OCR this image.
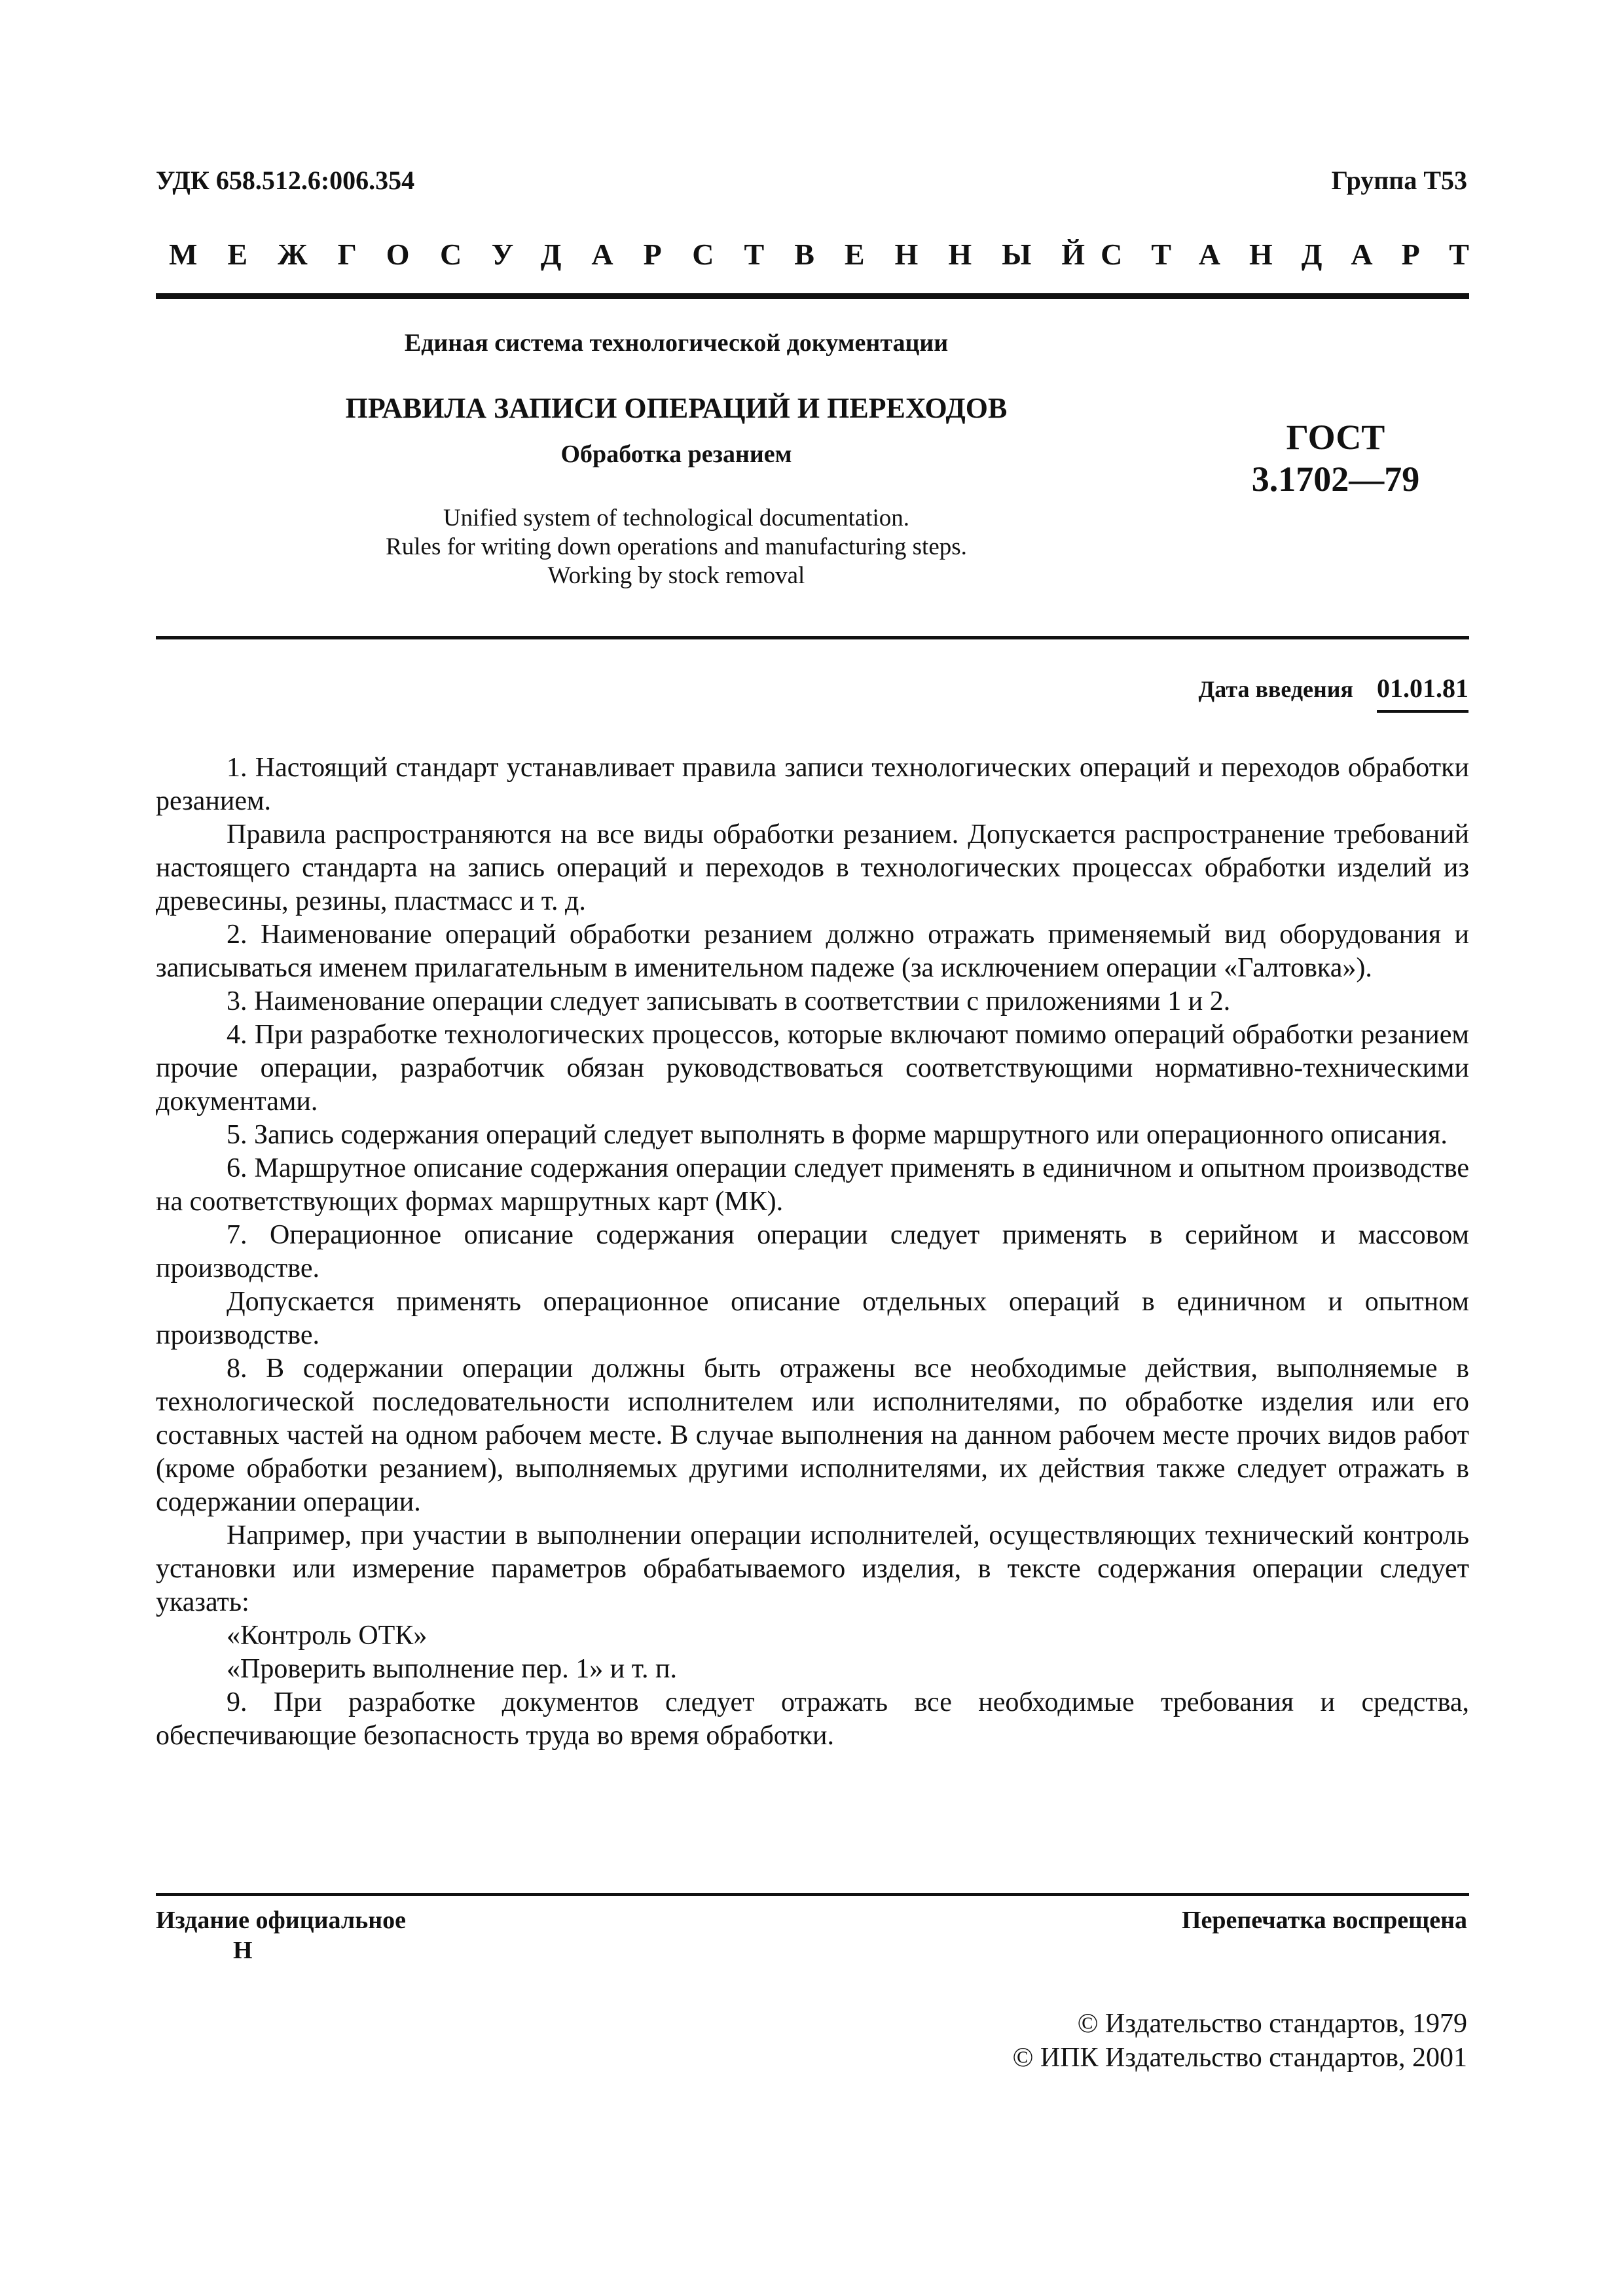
УДК 658.512.6:006.354	Группа Т53
МЕЖГОСУДАРСТВЕННЫЙ
СТАНДАРТ
Единая система технологической документации
ПРАВИЛА ЗАПИСИ ОПЕРАЦИЙ И ПЕРЕХОДОВ
Обработка резанием	ГОСТ
3.1702—79
Unified system of technological documentation.
Rules for writing down operations and manufacturing steps.
Working by stock removal
Дата введения 01.01.81

1. Настоящий стандарт устанавливает правила записи технологических операций и переходов обработки резанием.

Правила распространяются на все виды обработки резанием. Допускается распространение требований настоящего стандарта на запись операций и переходов в технологических процессах обработки изделий из древесины, резины, пластмасс и т. д.

2. Наименование операций обработки резанием должно отражать применяемый вид оборудования и записываться именем прилагательным в именительном падеже (за исключением операции «Галтовка»).

3. Наименование операции следует записывать в соответствии с приложениями 1 и 2.

4. При разработке технологических процессов, которые включают помимо операций обработки резанием прочие операции, разработчик обязан руководствоваться соответствующими нормативно-техническими документами.

5. Запись содержания операций следует выполнять в форме маршрутного или операционного описания.

6. Маршрутное описание содержания операции следует применять в единичном и опытном производстве на соответствующих формах маршрутных карт (МК).

7. Операционное описание содержания операции следует применять в серийном и массовом производстве.

Допускается применять операционное описание отдельных операций в единичном и опытном производстве.

8. В содержании операции должны быть отражены все необходимые действия, выполняемые в технологической последовательности исполнителем или исполнителями, по обработке изделия или его составных частей на одном рабочем месте. В случае выполнения на данном рабочем месте прочих видов работ (кроме обработки резанием), выполняемых другими исполнителями, их действия также следует отражать в содержании операции.

Например, при участии в выполнении операции исполнителей, осуществляющих технический контроль установки или измерение параметров обрабатываемого изделия, в тексте содержания операции следует указать:

«Контроль ОТК»

«Проверить выполнение пер. 1» и т. п.

9. При разработке документов следует отражать все необходимые требования и средства, обеспечивающие безопасность труда во время обработки.

Издание официальное
Н
Перепечатка воспрещена
© Издательство стандартов, 1979
© ИПК Издательство стандартов, 2001
